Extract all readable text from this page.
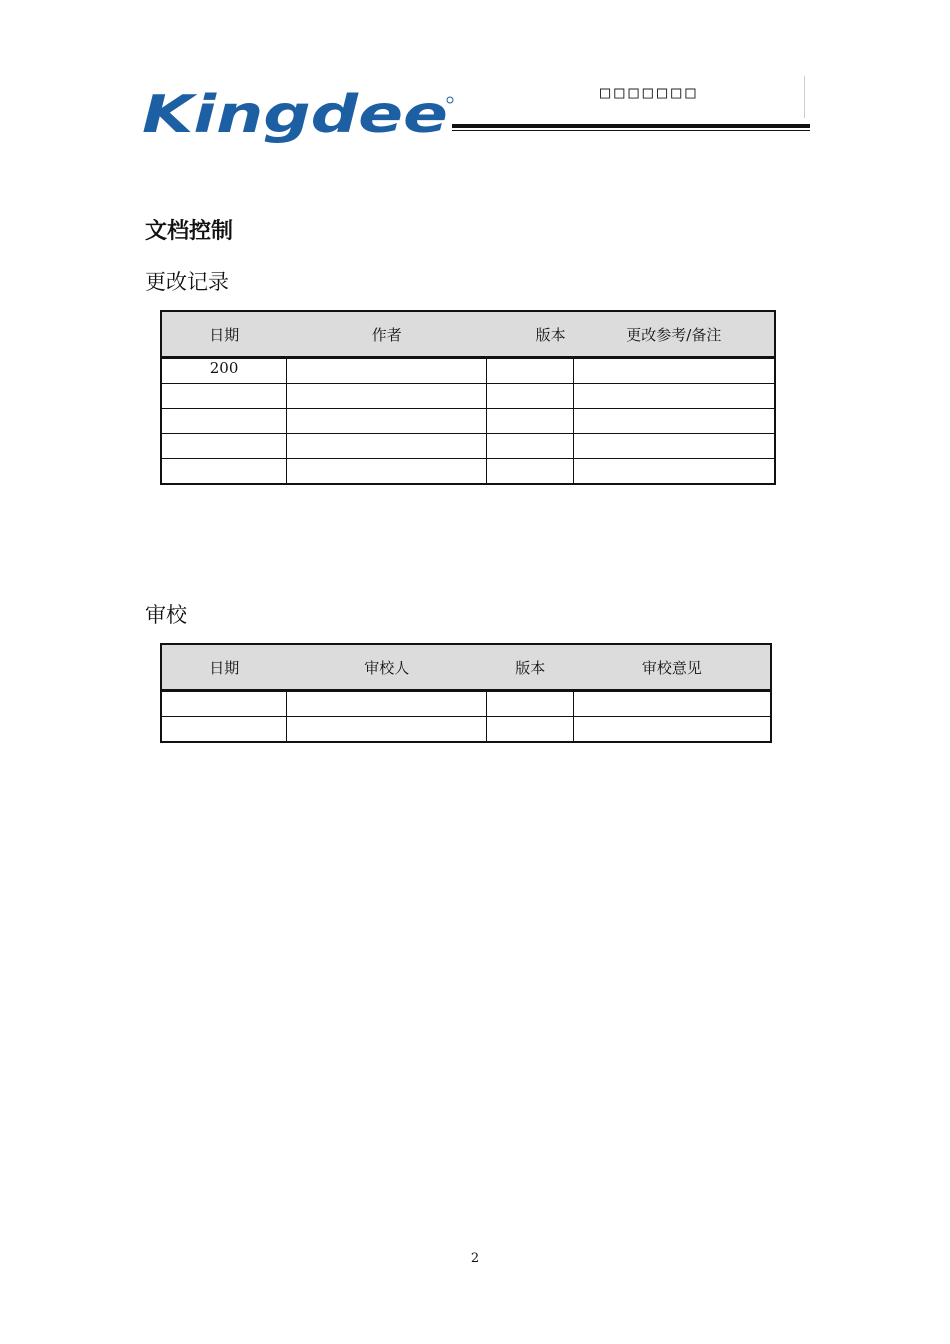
Kingdee	□□□□□□□
文档控制
更改记录
日期	作者	版本	更改参考/备注
200			

审校
日期	审校人	版本	审校意见

2
